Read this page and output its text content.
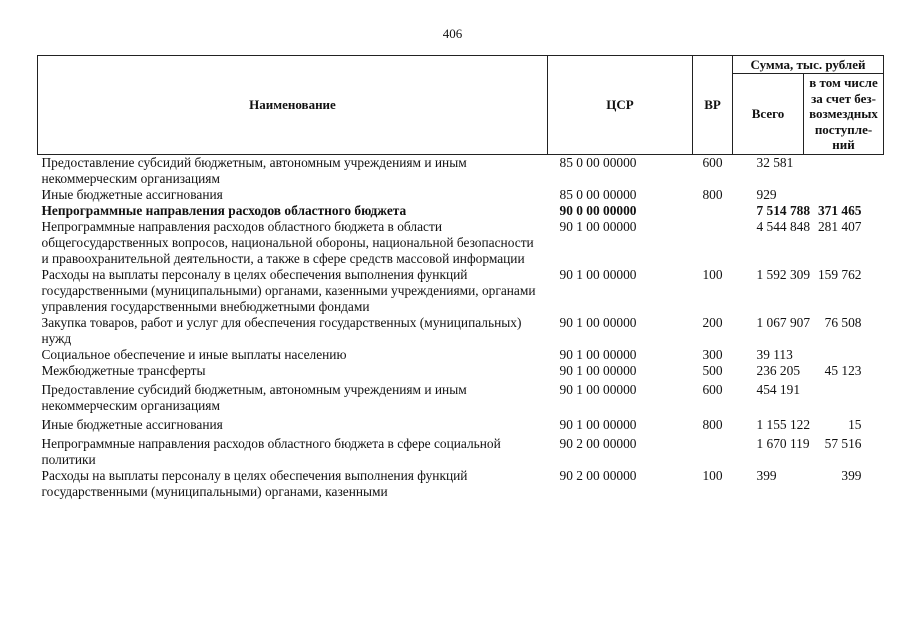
406
Наименование	ЦСР	ВР	Сумма, тыс. рублей	
			Всего	в том числе за счет без-возмездных поступле-ний
Предоставление субсидий бюджетным, автономным учреждениям и иным некоммерческим организациям	85 0 00 00000	600	32 581	
Иные бюджетные ассигнования	85 0 00 00000	800	929	
Непрограммные направления расходов областного бюджета	90 0 00 00000		7 514 788	371 465
Непрограммные направления расходов областного бюджета в области общегосударственных вопросов, национальной обороны, национальной безопасности и правоохранительной деятельности, а также в сфере средств массовой информации	90 1 00 00000		4 544 848	281 407
Расходы на выплаты персоналу в целях обеспечения выполнения функций государственными (муниципальными) органами, казенными учреждениями, органами управления государственными внебюджетными фондами	90 1 00 00000	100	1 592 309	159 762
Закупка товаров, работ и услуг для обеспечения государственных (муниципальных) нужд	90 1 00 00000	200	1 067 907	76 508
Социальное обеспечение и иные выплаты населению	90 1 00 00000	300	39 113	
Межбюджетные трансферты	90 1 00 00000	500	236 205	45 123
Предоставление субсидий бюджетным, автономным учреждениям и иным некоммерческим организациям	90 1 00 00000	600	454 191	
Иные бюджетные ассигнования	90 1 00 00000	800	1 155 122	15
Непрограммные направления расходов областного бюджета в сфере социальной политики	90 2 00 00000		1 670 119	57 516
Расходы на выплаты персоналу в целях обеспечения выполнения функций государственными (муниципальными) органами, казенными	90 2 00 00000	100	399	399
